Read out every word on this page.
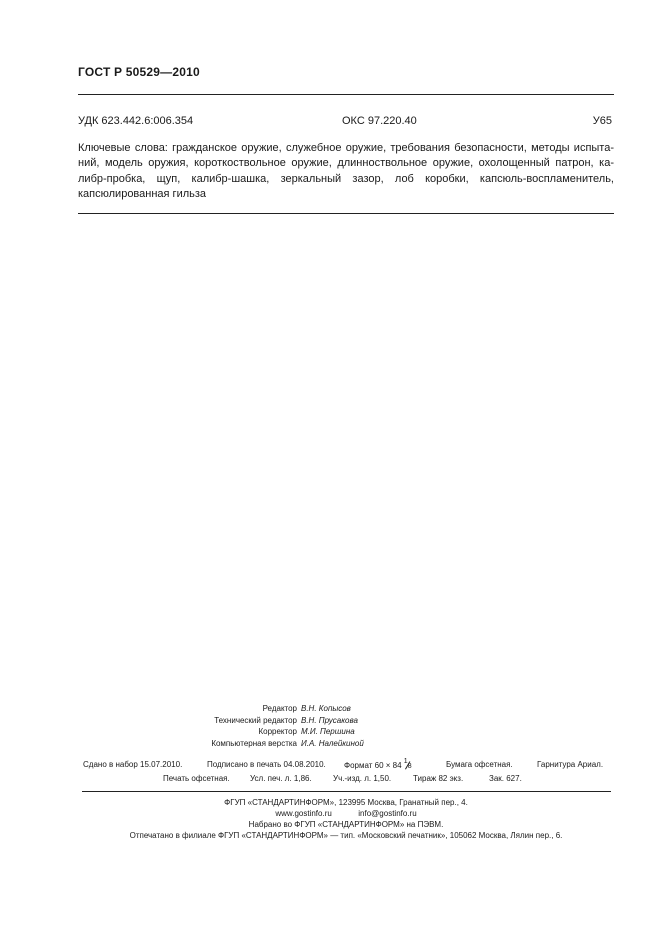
ГОСТ Р 50529—2010
УДК 623.442.6:006.354	ОКС 97.220.40	У65
Ключевые слова: гражданское оружие, служебное оружие, требования безопасности, методы испыта-
ний, модель оружия, короткоствольное оружие, длинноствольное оружие, охолощенный патрон, ка-
либр-пробка, щуп, калибр-шашка, зеркальный зазор, лоб коробки, капсюль-воспламенитель,
капсюлированная гильза
Редактор В.Н. Копысов
Технический редактор В.Н. Прусакова
Корректор М.И. Першина
Компьютерная верстка И.А. Налейкиной
Сдано в набор 15.07.2010.	Подписано в печать 04.08.2010. Формат 60 × 84 1
8	Бумага офсетная.	Гарнитура Ариал.
Печать офсетная.	Усл. печ. л. 1,86.	Уч.-изд. л. 1,50.	Тираж 82 экз.	Зак. 627.
ФГУП «СТАНДАРТИНФОРМ», 123995 Москва, Гранатный пер., 4.
www.gostinfo.ru	info@gostinfo.ru
Набрано во ФГУП «СТАНДАРТИНФОРМ» на ПЭВМ.
Отпечатано в филиале ФГУП «СТАНДАРТИНФОРМ» — тип. «Московский печатник», 105062 Москва, Лялин пер., 6.
